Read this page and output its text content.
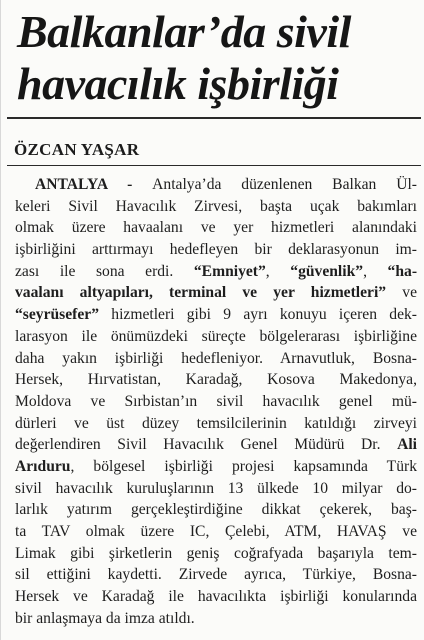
Balkanlar’da sivil
havacılık işbirliği
ÖZCAN YAŞAR
ANTALYA - Antalya’da düzenlenen Balkan Ül-
keleri Sivil Havacılık Zirvesi, başta uçak bakımları
olmak üzere havaalanı ve yer hizmetleri alanındaki
işbirliğini arttırmayı hedefleyen bir deklarasyonun im-
zası ile sona erdi. “Emniyet”, “güvenlik”, “ha-
vaalanı altyapıları, terminal ve yer hizmetleri” ve
“seyrüsefer” hizmetleri gibi 9 ayrı konuyu içeren dek-
larasyon ile önümüzdeki süreçte bölgelerarası işbirliğine
daha yakın işbirliği hedefleniyor. Arnavutluk, Bosna-
Hersek, Hırvatistan, Karadağ, Kosova Makedonya,
Moldova ve Sırbistan’ın sivil havacılık genel mü-
dürleri ve üst düzey temsilcilerinin katıldığı zirveyi
değerlendiren Sivil Havacılık Genel Müdürü Dr. Ali
Arıduru, bölgesel işbirliği projesi kapsamında Türk
sivil havacılık kuruluşlarının 13 ülkede 10 milyar do-
larlık yatırım gerçekleştirdiğine dikkat çekerek, baş-
ta TAV olmak üzere IC, Çelebi, ATM, HAVAŞ ve
Limak gibi şirketlerin geniş coğrafyada başarıyla tem-
sil ettiğini kaydetti. Zirvede ayrıca, Türkiye, Bosna-
Hersek ve Karadağ ile havacılıkta işbirliği konularında
bir anlaşmaya da imza atıldı.
